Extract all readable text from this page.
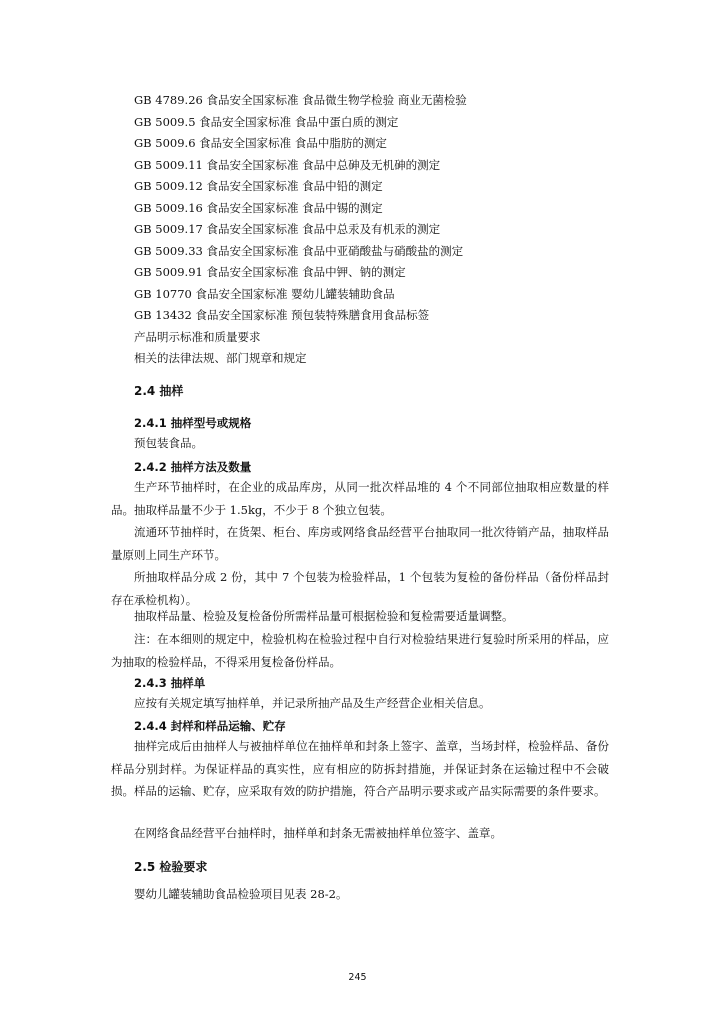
GB 4789.26 食品安全国家标准 食品微生物学检验 商业无菌检验
GB 5009.5 食品安全国家标准 食品中蛋白质的测定
GB 5009.6 食品安全国家标准 食品中脂肪的测定
GB 5009.11 食品安全国家标准 食品中总砷及无机砷的测定
GB 5009.12 食品安全国家标准 食品中铅的测定
GB 5009.16 食品安全国家标准 食品中锡的测定
GB 5009.17 食品安全国家标准 食品中总汞及有机汞的测定
GB 5009.33 食品安全国家标准 食品中亚硝酸盐与硝酸盐的测定
GB 5009.91 食品安全国家标准 食品中钾、钠的测定
GB 10770 食品安全国家标准 婴幼儿罐装辅助食品
GB 13432 食品安全国家标准 预包装特殊膳食用食品标签
产品明示标准和质量要求
相关的法律法规、部门规章和规定
2.4 抽样
2.4.1 抽样型号或规格
预包装食品。
2.4.2 抽样方法及数量
生产环节抽样时，在企业的成品库房，从同一批次样品堆的 4 个不同部位抽取相应数量的样品。抽取样品量不少于 1.5kg，不少于 8 个独立包装。
流通环节抽样时，在货架、柜台、库房或网络食品经营平台抽取同一批次待销产品，抽取样品量原则上同生产环节。
所抽取样品分成 2 份，其中 7 个包装为检验样品，1 个包装为复检的备份样品（备份样品封存在承检机构）。
抽取样品量、检验及复检备份所需样品量可根据检验和复检需要适量调整。
注：在本细则的规定中，检验机构在检验过程中自行对检验结果进行复验时所采用的样品，应为抽取的检验样品，不得采用复检备份样品。
2.4.3 抽样单
应按有关规定填写抽样单，并记录所抽产品及生产经营企业相关信息。
2.4.4 封样和样品运输、贮存
抽样完成后由抽样人与被抽样单位在抽样单和封条上签字、盖章，当场封样，检验样品、备份样品分别封样。为保证样品的真实性，应有相应的防拆封措施，并保证封条在运输过程中不会破损。样品的运输、贮存，应采取有效的防护措施，符合产品明示要求或产品实际需要的条件要求。
在网络食品经营平台抽样时，抽样单和封条无需被抽样单位签字、盖章。
2.5 检验要求
婴幼儿罐装辅助食品检验项目见表 28-2。
245
